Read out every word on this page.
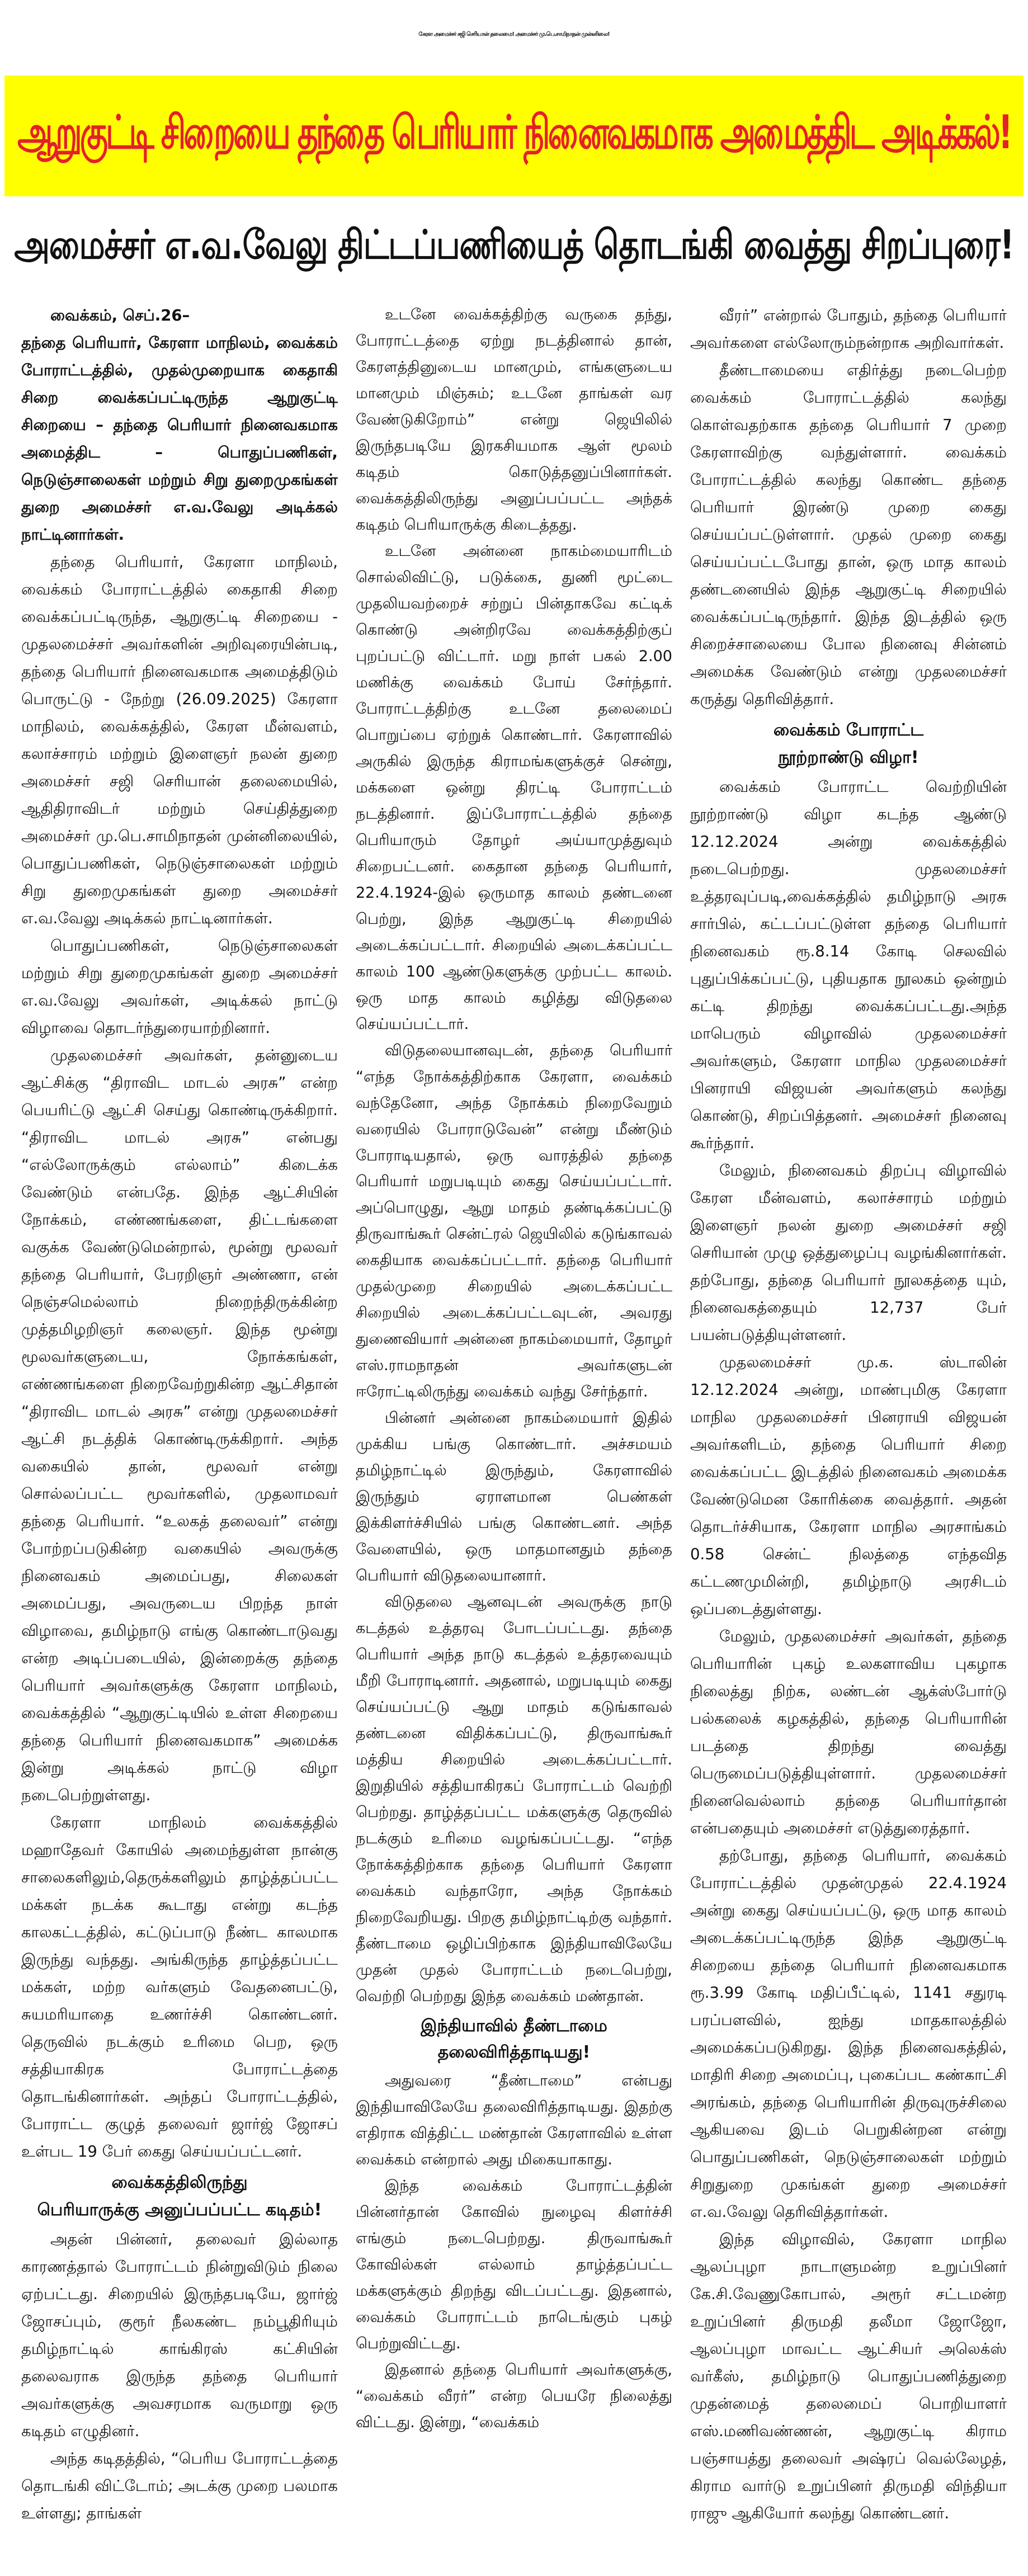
கேரள அமைச்சர் சஜி செரியான் தலைமை! அமைச்சர் மு.பெ.சாமிநாதன் முன்னிலை!
ஆறுகுட்டி சிறையை தந்தை பெரியார் நினைவகமாக அமைத்திட அடிக்கல்!
அமைச்சர் எ.வ.வேலு திட்டப்பணியைத் தொடங்கி வைத்து சிறப்புரை!

வைக்கம், செப்.26–
தந்தை பெரியார், கேரளா மாநிலம், வைக்கம் போராட்டத்தில், முதல்முறையாக கைதாகி சிறை வைக்கப்பட்டிருந்த ஆறுகுட்டி சிறையை – தந்தை பெரியார் நினைவகமாக அமைத்திட – பொதுப்பணிகள், நெடுஞ்சாலைகள் மற்றும் சிறு துறைமுகங்கள் துறை அமைச்சர் எ.வ.வேலு அடிக்கல் நாட்டினார்கள்.

தந்தை பெரியார், கேரளா மாநிலம், வைக்கம் போராட்டத்தில் கைதாகி சிறை வைக்கப்பட்டிருந்த, ஆறுகுட்டி சிறையை - முதலமைச்சர் அவர்களின் அறிவுரையின்படி, தந்தை பெரியார் நினைவகமாக அமைத்திடும் பொருட்டு - நேற்று (26.09.2025) கேரளா மாநிலம், வைக்கத்தில், கேரள மீன்வளம், கலாச்சாரம் மற்றும் இளைஞர் நலன் துறை அமைச்சர் சஜி செரியான் தலைமையில், ஆதிதிராவிடர் மற்றும் செய்தித்துறை அமைச்சர் மு.பெ.சாமிநாதன் முன்னிலையில், பொதுப்பணிகள், நெடுஞ்சாலைகள் மற்றும் சிறு துறைமுகங்கள் துறை அமைச்சர் எ.வ.வேலு அடிக்கல் நாட்டினார்கள்.

பொதுப்பணிகள், நெடுஞ்சாலைகள் மற்றும் சிறு துறைமுகங்கள் துறை அமைச்சர் எ.வ.வேலு அவர்கள், அடிக்கல் நாட்டு விழாவை தொடர்ந்துரையாற்றினார்.

முதலமைச்சர் அவர்கள், தன்னுடைய ஆட்சிக்கு “திராவிட மாடல் அரசு” என்ற பெயரிட்டு ஆட்சி செய்து கொண்டிருக்கிறார். “திராவிட மாடல் அரசு” என்பது “எல்லோருக்கும் எல்லாம்” கிடைக்க வேண்டும் என்பதே. இந்த ஆட்சியின் நோக்கம், எண்ணங்களை, திட்டங்களை வகுக்க வேண்டுமென்றால், மூன்று மூலவர் தந்தை பெரியார், பேரறிஞர் அண்ணா, என் நெஞ்சமெல்லாம் நிறைந்திருக்கின்ற முத்தமிழறிஞர் கலைஞர். இந்த மூன்று மூலவர்களுடைய, நோக்கங்கள், எண்ணங்களை நிறைவேற்றுகின்ற ஆட்சிதான் “திராவிட மாடல் அரசு” என்று முதலமைச்சர் ஆட்சி நடத்திக் கொண்டிருக்கிறார். அந்த வகையில் தான், மூலவர் என்று சொல்லப்பட்ட மூவர்களில், முதலாமவர் தந்தை பெரியார். “உலகத் தலைவர்” என்று போற்றப்படுகின்ற வகையில் அவருக்கு நினைவகம் அமைப்பது, சிலைகள் அமைப்பது, அவருடைய பிறந்த நாள் விழாவை, தமிழ்நாடு எங்கு கொண்டாடுவது என்ற அடிப்படையில், இன்றைக்கு தந்தை பெரியார் அவர்களுக்கு கேரளா மாநிலம், வைக்கத்தில் “ஆறுகுட்டியில் உள்ள சிறையை தந்தை பெரியார் நினைவகமாக” அமைக்க இன்று அடிக்கல் நாட்டு விழா நடைபெற்றுள்ளது.

கேரளா மாநிலம் வைக்கத்தில் மஹாதேவர் கோயில் அமைந்துள்ள நான்கு சாலைகளிலும்,தெருக்களிலும் தாழ்த்தப்பட்ட மக்கள் நடக்க கூடாது என்று கடந்த காலகட்டத்தில், கட்டுப்பாடு நீண்ட காலமாக இருந்து வந்தது. அங்கிருந்த தாழ்த்தப்பட்ட மக்கள், மற்ற வர்களும் வேதனைபட்டு, சுயமரியாதை உணர்ச்சி கொண்டனர். தெருவில் நடக்கும் உரிமை பெற, ஒரு சத்தியாகிரக போராட்டத்தை தொடங்கினார்கள். அந்தப் போராட்டத்தில், போராட்ட குழுத் தலைவர் ஜார்ஜ் ஜோசப் உள்பட 19 பேர் கைது செய்யப்பட்டனர்.

வைக்கத்திலிருந்து
பெரியாருக்கு அனுப்பப்பட்ட கடிதம்!

அதன் பின்னர், தலைவர் இல்லாத காரணத்தால் போராட்டம் நின்றுவிடும் நிலை ஏற்பட்டது. சிறையில் இருந்தபடியே, ஜார்ஜ் ஜோசப்பும், குரூர் நீலகண்ட நம்பூதிரியும் தமிழ்நாட்டில் காங்கிரஸ் கட்சியின் தலைவராக இருந்த தந்தை பெரியார் அவர்களுக்கு அவசரமாக வருமாறு ஒரு கடிதம் எழுதினர்.

அந்த கடிதத்தில், “பெரிய போராட்டத்தை தொடங்கி விட்டோம்; அடக்கு முறை பலமாக உள்ளது; தாங்கள்

உடனே வைக்கத்திற்கு வருகை தந்து, போராட்டத்தை ஏற்று நடத்தினால் தான், கேரளத்தினுடைய மானமும், எங்களுடைய மானமும் மிஞ்சும்; உடனே தாங்கள் வர வேண்டுகிறோம்” என்று ஜெயிலில் இருந்தபடியே இரகசியமாக ஆள் மூலம் கடிதம் கொடுத்தனுப்பினார்கள். வைக்கத்திலிருந்து அனுப்பப்பட்ட அந்தக் கடிதம் பெரியாருக்கு கிடைத்தது.

உடனே அன்னை நாகம்மையாரிடம் சொல்லிவிட்டு, படுக்கை, துணி மூட்டை முதலியவற்றைச் சற்றுப் பின்தாகவே கட்டிக் கொண்டு அன்றிரவே வைக்கத்திற்குப் புறப்பட்டு விட்டார். மறு நாள் பகல் 2.00 மணிக்கு வைக்கம் போய் சேர்ந்தார். போராட்டத்திற்கு உடனே தலைமைப் பொறுப்பை ஏற்றுக் கொண்டார். கேரளாவில் அருகில் இருந்த கிராமங்களுக்குச் சென்று, மக்களை ஒன்று திரட்டி போராட்டம் நடத்தினார். இப்போராட்டத்தில் தந்தை பெரியாரும் தோழர் அய்யாமுத்துவும் சிறைபட்டனர். கைதான தந்தை பெரியார், 22.4.1924-இல் ஒருமாத காலம் தண்டனை பெற்று, இந்த ஆறுகுட்டி சிறையில் அடைக்கப்பட்டார். சிறையில் அடைக்கப்பட்ட காலம் 100 ஆண்டுகளுக்கு முற்பட்ட காலம். ஒரு மாத காலம் கழித்து விடுதலை செய்யப்பட்டார்.

விடுதலையானவுடன், தந்தை பெரியார் “எந்த நோக்கத்திற்காக கேரளா, வைக்கம் வந்தேனோ, அந்த நோக்கம் நிறைவேறும் வரையில் போராடுவேன்” என்று மீண்டும் போராடியதால், ஒரு வாரத்தில் தந்தை பெரியார் மறுபடியும் கைது செய்யப்பட்டார். அப்பொழுது, ஆறு மாதம் தண்டிக்கப்பட்டு திருவாங்கூர் சென்ட்ரல் ஜெயிலில் கடுங்காவல் கைதியாக வைக்கப்பட்டார். தந்தை பெரியார் முதல்முறை சிறையில் அடைக்கப்பட்ட சிறையில் அடைக்கப்பட்டவுடன், அவரது துணைவியார் அன்னை நாகம்மையார், தோழர் எஸ்.ராமநாதன் அவர்களுடன் ஈரோட்டிலிருந்து வைக்கம் வந்து சேர்ந்தார்.

பின்னர் அன்னை நாகம்மையார் இதில் முக்கிய பங்கு கொண்டார். அச்சமயம் தமிழ்நாட்டில் இருந்தும், கேரளாவில் இருந்தும் ஏராளமான பெண்கள் இக்கிளர்ச்சியில் பங்கு கொண்டனர். அந்த வேளையில், ஒரு மாதமானதும் தந்தை பெரியார் விடுதலையானார்.

விடுதலை ஆனவுடன் அவருக்கு நாடு கடத்தல் உத்தரவு போடப்பட்டது. தந்தை பெரியார் அந்த நாடு கடத்தல் உத்தரவையும் மீறி போராடினார். அதனால், மறுபடியும் கைது செய்யப்பட்டு ஆறு மாதம் கடுங்காவல் தண்டனை விதிக்கப்பட்டு, திருவாங்கூர் மத்திய சிறையில் அடைக்கப்பட்டார். இறுதியில் சத்தியாகிரகப் போராட்டம் வெற்றி பெற்றது. தாழ்த்தப்பட்ட மக்களுக்கு தெருவில் நடக்கும் உரிமை வழங்கப்பட்டது. “எந்த நோக்கத்திற்காக தந்தை பெரியார் கேரளா வைக்கம் வந்தாரோ, அந்த நோக்கம் நிறைவேறியது. பிறகு தமிழ்நாட்டிற்கு வந்தார். தீண்டாமை ஒழிப்பிற்காக இந்தியாவிலேயே முதன் முதல் போராட்டம் நடைபெற்று, வெற்றி பெற்றது இந்த வைக்கம் மண்தான்.

இந்தியாவில் தீண்டாமை
தலைவிரித்தாடியது!

அதுவரை “தீண்டாமை” என்பது இந்தியாவிலேயே தலைவிரித்தாடியது. இதற்கு எதிராக வித்திட்ட மண்தான் கேரளாவில் உள்ள வைக்கம் என்றால் அது மிகையாகாது.

இந்த வைக்கம் போராட்டத்தின் பின்னர்தான் கோவில் நுழைவு கிளர்ச்சி எங்கும் நடைபெற்றது. திருவாங்கூர் கோவில்கள் எல்லாம் தாழ்த்தப்பட்ட மக்களுக்கும் திறந்து விடப்பட்டது. இதனால், வைக்கம் போராட்டம் நாடெங்கும் புகழ் பெற்றுவிட்டது.

இதனால் தந்தை பெரியார் அவர்களுக்கு, “வைக்கம் வீரர்” என்ற பெயரே நிலைத்து விட்டது. இன்று, “வைக்கம்

வீரர்” என்றால் போதும், தந்தை பெரியார் அவர்களை எல்லோரும்நன்றாக அறிவார்கள்.

தீண்டாமையை எதிர்த்து நடைபெற்ற வைக்கம் போராட்டத்தில் கலந்து கொள்வதற்காக தந்தை பெரியார் 7 முறை கேரளாவிற்கு வந்துள்ளார். வைக்கம் போராட்டத்தில் கலந்து கொண்ட தந்தை பெரியார் இரண்டு முறை கைது செய்யப்பட்டுள்ளார். முதல் முறை கைது செய்யப்பட்டபோது தான், ஒரு மாத காலம் தண்டனையில் இந்த ஆறுகுட்டி சிறையில் வைக்கப்பட்டிருந்தார். இந்த இடத்தில் ஒரு சிறைச்சாலையை போல நினைவு சின்னம் அமைக்க வேண்டும் என்று முதலமைச்சர் கருத்து தெரிவித்தார்.

வைக்கம் போராட்ட
நூற்றாண்டு விழா!

வைக்கம் போராட்ட வெற்றியின் நூற்றாண்டு விழா கடந்த ஆண்டு 12.12.2024 அன்று வைக்கத்தில் நடைபெற்றது. முதலமைச்சர் உத்தரவுப்படி,வைக்கத்தில் தமிழ்நாடு அரசு சார்பில், கட்டப்பட்டுள்ள தந்தை பெரியார் நினைவகம் ரூ.8.14 கோடி செலவில் புதுப்பிக்கப்பட்டு, புதியதாக நூலகம் ஒன்றும் கட்டி திறந்து வைக்கப்பட்டது.அந்த மாபெரும் விழாவில் முதலமைச்சர் அவர்களும், கேரளா மாநில முதலமைச்சர் பினராயி விஜயன் அவர்களும் கலந்து கொண்டு, சிறப்பித்தனர். அமைச்சர் நினைவு கூர்ந்தார்.

மேலும், நினைவகம் திறப்பு விழாவில் கேரள மீன்வளம், கலாச்சாரம் மற்றும் இளைஞர் நலன் துறை அமைச்சர் சஜி செரியான் முழு ஒத்துழைப்பு வழங்கினார்கள். தற்போது, தந்தை பெரியார் நூலகத்தை யும், நினைவகத்தையும் 12,737 பேர் பயன்படுத்தியுள்ளனர்.

முதலமைச்சர் மு.க. ஸ்டாலின் 12.12.2024 அன்று, மாண்புமிகு கேரளா மாநில முதலமைச்சர் பினராயி விஜயன் அவர்களிடம், தந்தை பெரியார் சிறை வைக்கப்பட்ட இடத்தில் நினைவகம் அமைக்க வேண்டுமென கோரிக்கை வைத்தார். அதன் தொடர்ச்சியாக, கேரளா மாநில அரசாங்கம் 0.58 சென்ட் நிலத்தை எந்தவித கட்டணமுமின்றி, தமிழ்நாடு அரசிடம் ஒப்படைத்துள்ளது.

மேலும், முதலமைச்சர் அவர்கள், தந்தை பெரியாரின் புகழ் உலகளாவிய புகழாக நிலைத்து நிற்க, லண்டன் ஆக்ஸ்போர்டு பல்கலைக் கழகத்தில், தந்தை பெரியாரின் படத்தை திறந்து வைத்து பெருமைப்படுத்தியுள்ளார். முதலமைச்சர் நினைவெல்லாம் தந்தை பெரியார்தான் என்பதையும் அமைச்சர் எடுத்துரைத்தார்.

தற்போது, தந்தை பெரியார், வைக்கம் போராட்டத்தில் முதன்முதல் 22.4.1924 அன்று கைது செய்யப்பட்டு, ஒரு மாத காலம் அடைக்கப்பட்டிருந்த இந்த ஆறுகுட்டி சிறையை தந்தை பெரியார் நினைவகமாக ரூ.3.99 கோடி மதிப்பீட்டில், 1141 சதுரடி பரப்பளவில், ஐந்து மாதகாலத்தில் அமைக்கப்படுகிறது. இந்த நினைவகத்தில், மாதிரி சிறை அமைப்பு, புகைப்பட கண்காட்சி அரங்கம், தந்தை பெரியாரின் திருவுருச்சிலை ஆகியவை இடம் பெறுகின்றன என்று பொதுப்பணிகள், நெடுஞ்சாலைகள் மற்றும் சிறுதுறை முகங்கள் துறை அமைச்சர் எ.வ.வேலு தெரிவித்தார்கள்.

இந்த விழாவில், கேரளா மாநில ஆலப்புழா நாடாளுமன்ற உறுப்பினர் கே.சி.வேணுகோபால், அரூர் சட்டமன்ற உறுப்பினர் திருமதி தலீமா ஜோஜோ, ஆலப்புழா மாவட்ட ஆட்சியர் அலெக்ஸ் வர்கீஸ், தமிழ்நாடு பொதுப்பணித்துறை முதன்மைத் தலைமைப் பொறியாளர் எஸ்.மணிவண்ணன், ஆறுகுட்டி கிராம பஞ்சாயத்து தலைவர் அஷ்ரப் வெல்லேழத், கிராம வார்டு உறுப்பினர் திருமதி விந்தியா ராஜு ஆகியோர் கலந்து கொண்டனர்.
